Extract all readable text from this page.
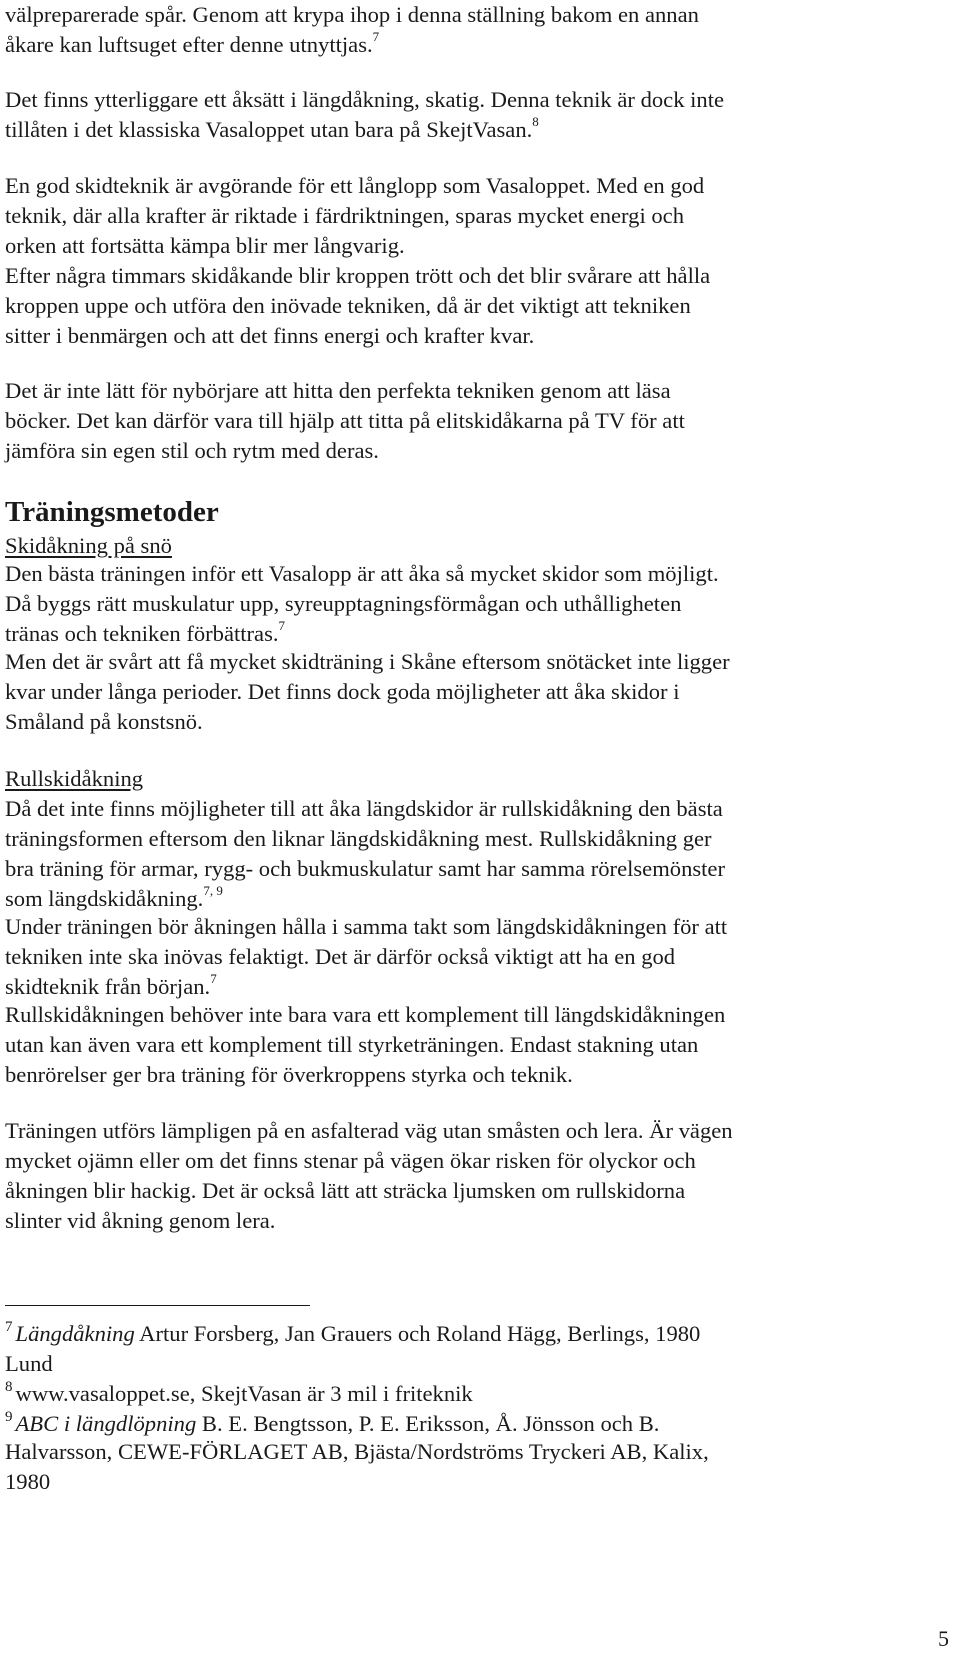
välpreparerade spår. Genom att krypa ihop i denna ställning bakom en annan
åkare kan luftsuget efter denne utnyttjas.$^7$
Det finns ytterliggare ett åksätt i längdåkning, skatig. Denna teknik är dock inte
tillåten i det klassiska Vasaloppet utan bara på SkejtVasan.$^8$
En god skidteknik är avgörande för ett långlopp som Vasaloppet. Med en god
teknik, där alla krafter är riktade i färdriktningen, sparas mycket energi och
orken att fortsätta kämpa blir mer långvarig.
Efter några timmars skidåkande blir kroppen trött och det blir svårare att hålla
kroppen uppe och utföra den inövade tekniken, då är det viktigt att tekniken
sitter i benmärgen och att det finns energi och krafter kvar.
Det är inte lätt för nybörjare att hitta den perfekta tekniken genom att läsa
böcker. Det kan därför vara till hjälp att titta på elitskidåkarna på TV för att
jämföra sin egen stil och rytm med deras.
Träningsmetoder
Skidåkning på snö
Den bästa träningen inför ett Vasalopp är att åka så mycket skidor som möjligt.
Då byggs rätt muskulatur upp, syreupptagningsförmågan och uthålligheten
tränas och tekniken förbättras.$^7$
Men det är svårt att få mycket skidträning i Skåne eftersom snötäcket inte ligger
kvar under långa perioder. Det finns dock goda möjligheter att åka skidor i
Småland på konstsnö.
Rullskidåkning
Då det inte finns möjligheter till att åka längdskidor är rullskidåkning den bästa
träningsformen eftersom den liknar längdskidåkning mest. Rullskidåkning ger
bra träning för armar, rygg- och bukmuskulatur samt har samma rörelsemönster
som längdskidåkning.$^{7, 9}$
Under träningen bör åkningen hålla i samma takt som längdskidåkningen för att
tekniken inte ska inövas felaktigt. Det är därför också viktigt att ha en god
skidteknik från början.$^7$
Rullskidåkningen behöver inte bara vara ett komplement till längdskidåkningen
utan kan även vara ett komplement till styrketräningen. Endast stakning utan
benrörelser ger bra träning för överkroppens styrka och teknik.
Träningen utförs lämpligen på en asfalterad väg utan småsten och lera. Är vägen
mycket ojämn eller om det finns stenar på vägen ökar risken för olyckor och
åkningen blir hackig. Det är också lätt att sträcka ljumsken om rullskidorna
slinter vid åkning genom lera.
$^7$ Längdåkning Artur Forsberg, Jan Grauers och Roland Hägg, Berlings, 1980
Lund
$^8$ www.vasaloppet.se, SkejtVasan är 3 mil i friteknik
$^9$ ABC i längdlöpning B. E. Bengtsson, P. E. Eriksson, Å. Jönsson och B.
Halvarsson, CEWE-FÖRLAGET AB, Bjästa/Nordströms Tryckeri AB, Kalix,
1980
5
